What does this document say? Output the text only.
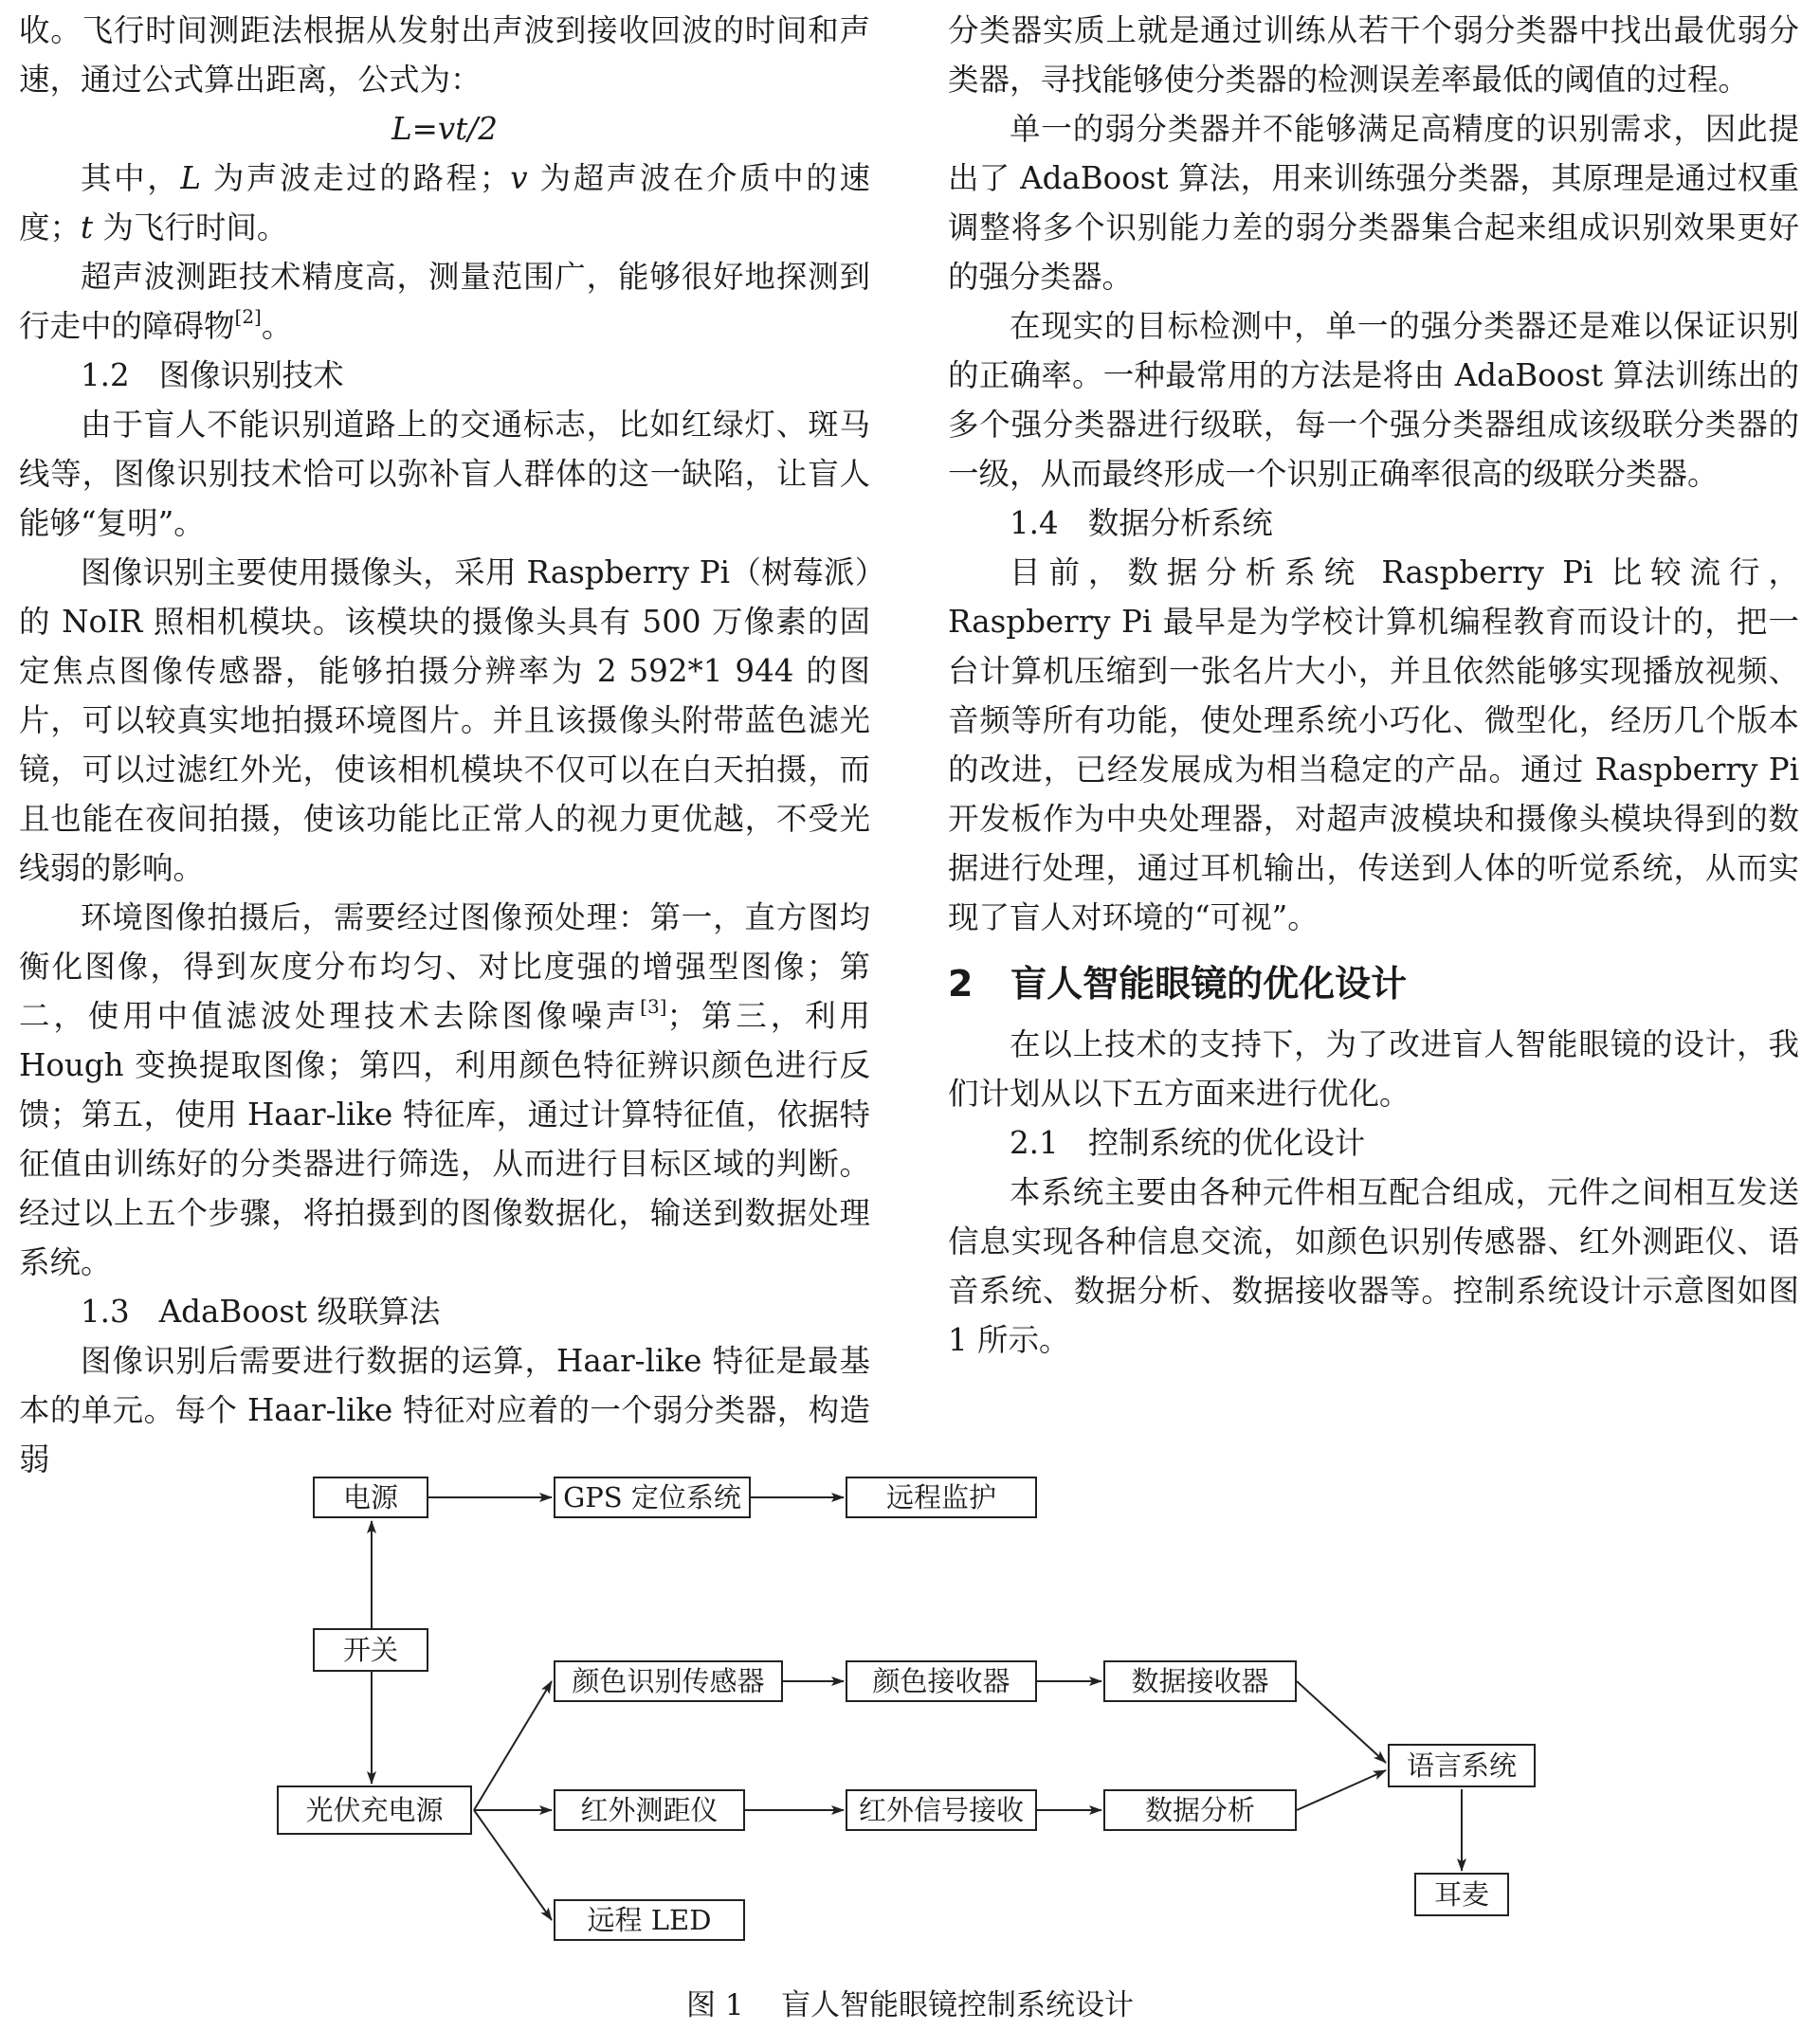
收。飞行时间测距法根据从发射出声波到接收回波的时间和声速，通过公式算出距离，公式为：

L=vt/2

其中，L 为声波走过的路程；v 为超声波在介质中的速度；t 为飞行时间。

超声波测距技术精度高，测量范围广，能够很好地探测到行走中的障碍物[2]。

1.2 图像识别技术

由于盲人不能识别道路上的交通标志，比如红绿灯、斑马线等，图像识别技术恰可以弥补盲人群体的这一缺陷，让盲人能够“复明”。

图像识别主要使用摄像头，采用 Raspberry Pi（树莓派）的 NoIR 照相机模块。该模块的摄像头具有 500 万像素的固定焦点图像传感器，能够拍摄分辨率为 2 592*1 944 的图片，可以较真实地拍摄环境图片。并且该摄像头附带蓝色滤光镜，可以过滤红外光，使该相机模块不仅可以在白天拍摄，而且也能在夜间拍摄，使该功能比正常人的视力更优越，不受光线弱的影响。

环境图像拍摄后，需要经过图像预处理：第一，直方图均衡化图像，得到灰度分布均匀、对比度强的增强型图像；第二，使用中值滤波处理技术去除图像噪声[3]；第三，利用 Hough 变换提取图像；第四，利用颜色特征辨识颜色进行反馈；第五，使用 Haar-like 特征库，通过计算特征值，依据特征值由训练好的分类器进行筛选，从而进行目标区域的判断。经过以上五个步骤，将拍摄到的图像数据化，输送到数据处理系统。

1.3 AdaBoost 级联算法

图像识别后需要进行数据的运算，Haar-like 特征是最基本的单元。每个 Haar-like 特征对应着的一个弱分类器，构造弱

分类器实质上就是通过训练从若干个弱分类器中找出最优弱分类器，寻找能够使分类器的检测误差率最低的阈值的过程。

单一的弱分类器并不能够满足高精度的识别需求，因此提出了 AdaBoost 算法，用来训练强分类器，其原理是通过权重调整将多个识别能力差的弱分类器集合起来组成识别效果更好的强分类器。

在现实的目标检测中，单一的强分类器还是难以保证识别的正确率。一种最常用的方法是将由 AdaBoost 算法训练出的多个强分类器进行级联，每一个强分类器组成该级联分类器的一级，从而最终形成一个识别正确率很高的级联分类器。

1.4 数据分析系统

目前，数据分析系统 Raspberry Pi 比较流行，Raspberry Pi 最早是为学校计算机编程教育而设计的，把一台计算机压缩到一张名片大小，并且依然能够实现播放视频、音频等所有功能，使处理系统小巧化、微型化，经历几个版本的改进，已经发展成为相当稳定的产品。通过 Raspberry Pi 开发板作为中央处理器，对超声波模块和摄像头模块得到的数据进行处理，通过耳机输出，传送到人体的听觉系统，从而实现了盲人对环境的“可视”。

2 盲人智能眼镜的优化设计

在以上技术的支持下，为了改进盲人智能眼镜的设计，我们计划从以下五方面来进行优化。

2.1 控制系统的优化设计

本系统主要由各种元件相互配合组成，元件之间相互发送信息实现各种信息交流，如颜色识别传感器、红外测距仪、语音系统、数据分析、数据接收器等。控制系统设计示意图如图 1 所示。

电源	GPS 定位系统	远程监护
开关
光伏充电源
颜色识别传感器	颜色接收器	数据接收器
红外测距仪	红外信号接收	数据分析
远程 LED
语言系统
耳麦
图 1 盲人智能眼镜控制系统设计
